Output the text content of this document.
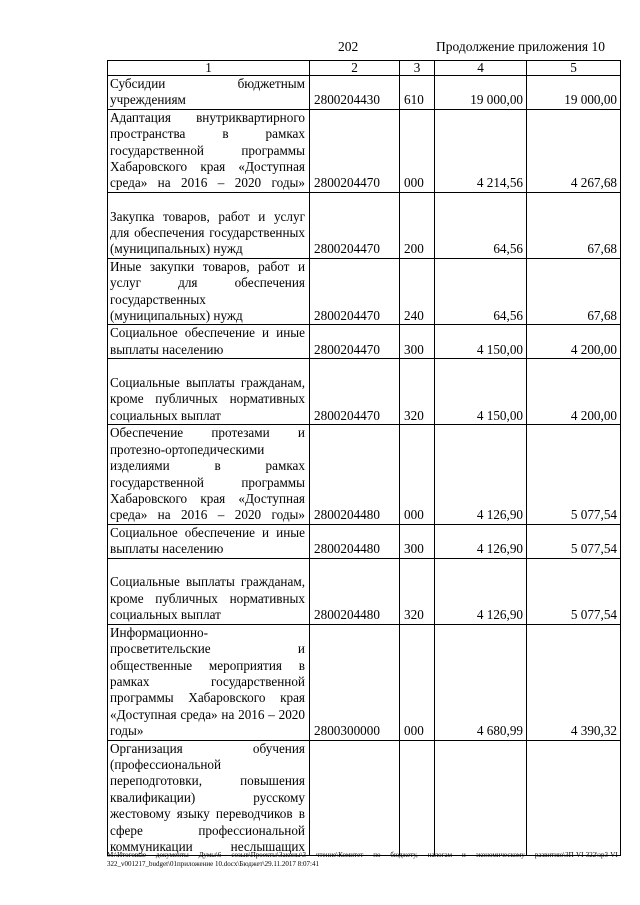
202	Продолжение приложения 10
1	2	3	4	5
Субсидии бюджетным учреждениям	2800204430	610	19 000,00	19 000,00
Адаптация внутриквартирного пространства в рамках государственной программы Хабаровского края «Доступная среда» на 2016 – 2020 годы»	2800204470	000	4 214,56	4 267,68
Закупка товаров, работ и услуг для обеспечения государственных (муниципальных) нужд	2800204470	200	64,56	67,68
Иные закупки товаров, работ и услуг для обеспечения государственных (муниципальных) нужд	2800204470	240	64,56	67,68
Социальное обеспечение и иные выплаты населению	2800204470	300	4 150,00	4 200,00
Социальные выплаты гражданам, кроме публичных нормативных социальных выплат	2800204470	320	4 150,00	4 200,00
Обеспечение протезами и протезно-ортопедическими изделиями в рамках государственной программы Хабаровского края «Доступная среда» на 2016 – 2020 годы»	2800204480	000	4 126,90	5 077,54
Социальное обеспечение и иные выплаты населению	2800204480	300	4 126,90	5 077,54
Социальные выплаты гражданам, кроме публичных нормативных социальных выплат	2800204480	320	4 126,90	5 077,54
Информационно-просветительские и общественные мероприятия в рамках государственной программы Хабаровского края «Доступная среда» на 2016 – 2020 годы»	2800300000	000	4 680,99	4 390,32
Организация обучения (профессиональной переподготовки, повышения квалификации) русскому жестовому языку переводчиков в сфере профессиональной коммуникации неслышащих				
М:\Итоговые документы Думы\6 созыв\Проекты\Законы\3 чтение\Комитет по бюджету, налогам и экономическому развитию\3П-VI-322\зр3-VI-322_v001217_budget\01приложение 10.docx\Бюджет\29.11.2017 8:07:41
